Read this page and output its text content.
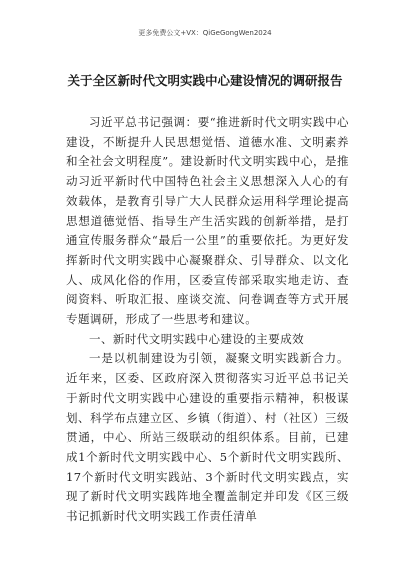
更多免费公文+VX：QiGeGongWen2024
关于全区新时代文明实践中心建设情况的调研报告

习近平总书记强调：要“推进新时代文明实践中心建设，不断提升人民思想觉悟、道德水准、文明素养和全社会文明程度”。建设新时代文明实践中心，是推动习近平新时代中国特色社会主义思想深入人心的有效载体，是教育引导广大人民群众运用科学理论提高思想道德觉悟、指导生产生活实践的创新举措，是打通宣传服务群众“最后一公里”的重要依托。为更好发挥新时代文明实践中心凝聚群众、引导群众、以文化人、成风化俗的作用，区委宣传部采取实地走访、查阅资料、听取汇报、座谈交流、问卷调查等方式开展专题调研，形成了一些思考和建议。

一、新时代文明实践中心建设的主要成效

一是以机制建设为引领，凝聚文明实践新合力。近年来，区委、区政府深入贯彻落实习近平总书记关于新时代文明实践中心建设的重要指示精神，积极谋划、科学布点建立区、乡镇（街道）、村（社区）三级贯通，中心、所站三级联动的组织体系。目前，已建成1个新时代文明实践中心、5个新时代文明实践所、17个新时代文明实践站、3个新时代文明实践点，实现了新时代文明实践阵地全覆盖制定并印发《区三级书记抓新时代文明实践工作责任清单
